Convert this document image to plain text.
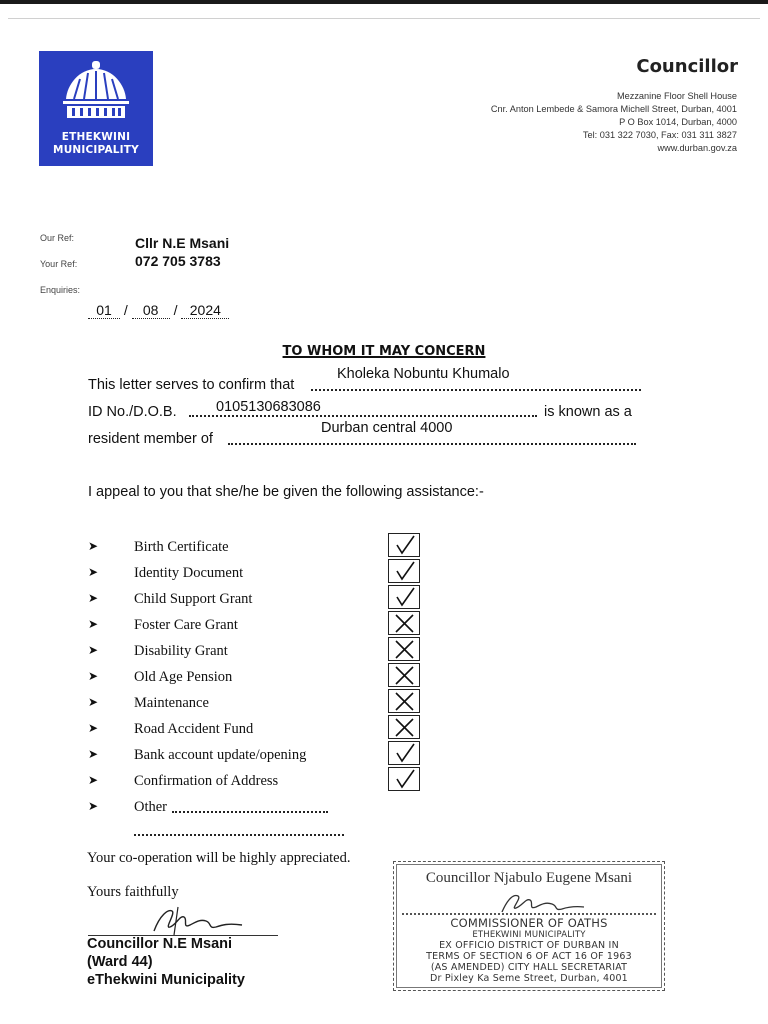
ETHEKWINI
MUNICIPALITY
Councillor
Mezzanine Floor Shell House
Cnr. Anton Lembede & Samora Michell Street, Durban, 4001
P O Box 1014, Durban, 4000
Tel: 031 322 7030, Fax: 031 311 3827
www.durban.gov.za
Our Ref:
Your Ref:
Enquiries:
Cllr N.E Msani
072 705 3783
01 / 08 / 2024
TO WHOM IT MAY CONCERN
This letter serves to confirm that
Kholeka Nobuntu Khumalo
ID No./D.O.B.	0105130683086	is known as a
resident member of
Durban central 4000
I appeal to you that she/he be given the following assistance:-
➤ Birth Certificate
➤ Identity Document
➤ Child Support Grant
➤ Foster Care Grant
➤ Disability Grant
➤ Old Age Pension
➤ Maintenance
➤ Road Accident Fund
➤ Bank account update/opening
➤ Confirmation of Address
➤ Other
Your co-operation will be highly appreciated.
Yours faithfully
Councillor N.E Msani
(Ward 44)
eThekwini Municipality
Councillor Njabulo Eugene Msani
COMMISSIONER OF OATHS
ETHEKWINI MUNICIPALITY
EX OFFICIO DISTRICT OF DURBAN IN
TERMS OF SECTION 6 OF ACT 16 OF 1963
(AS AMENDED) CITY HALL SECRETARIAT
Dr Pixley Ka Seme Street, Durban, 4001
